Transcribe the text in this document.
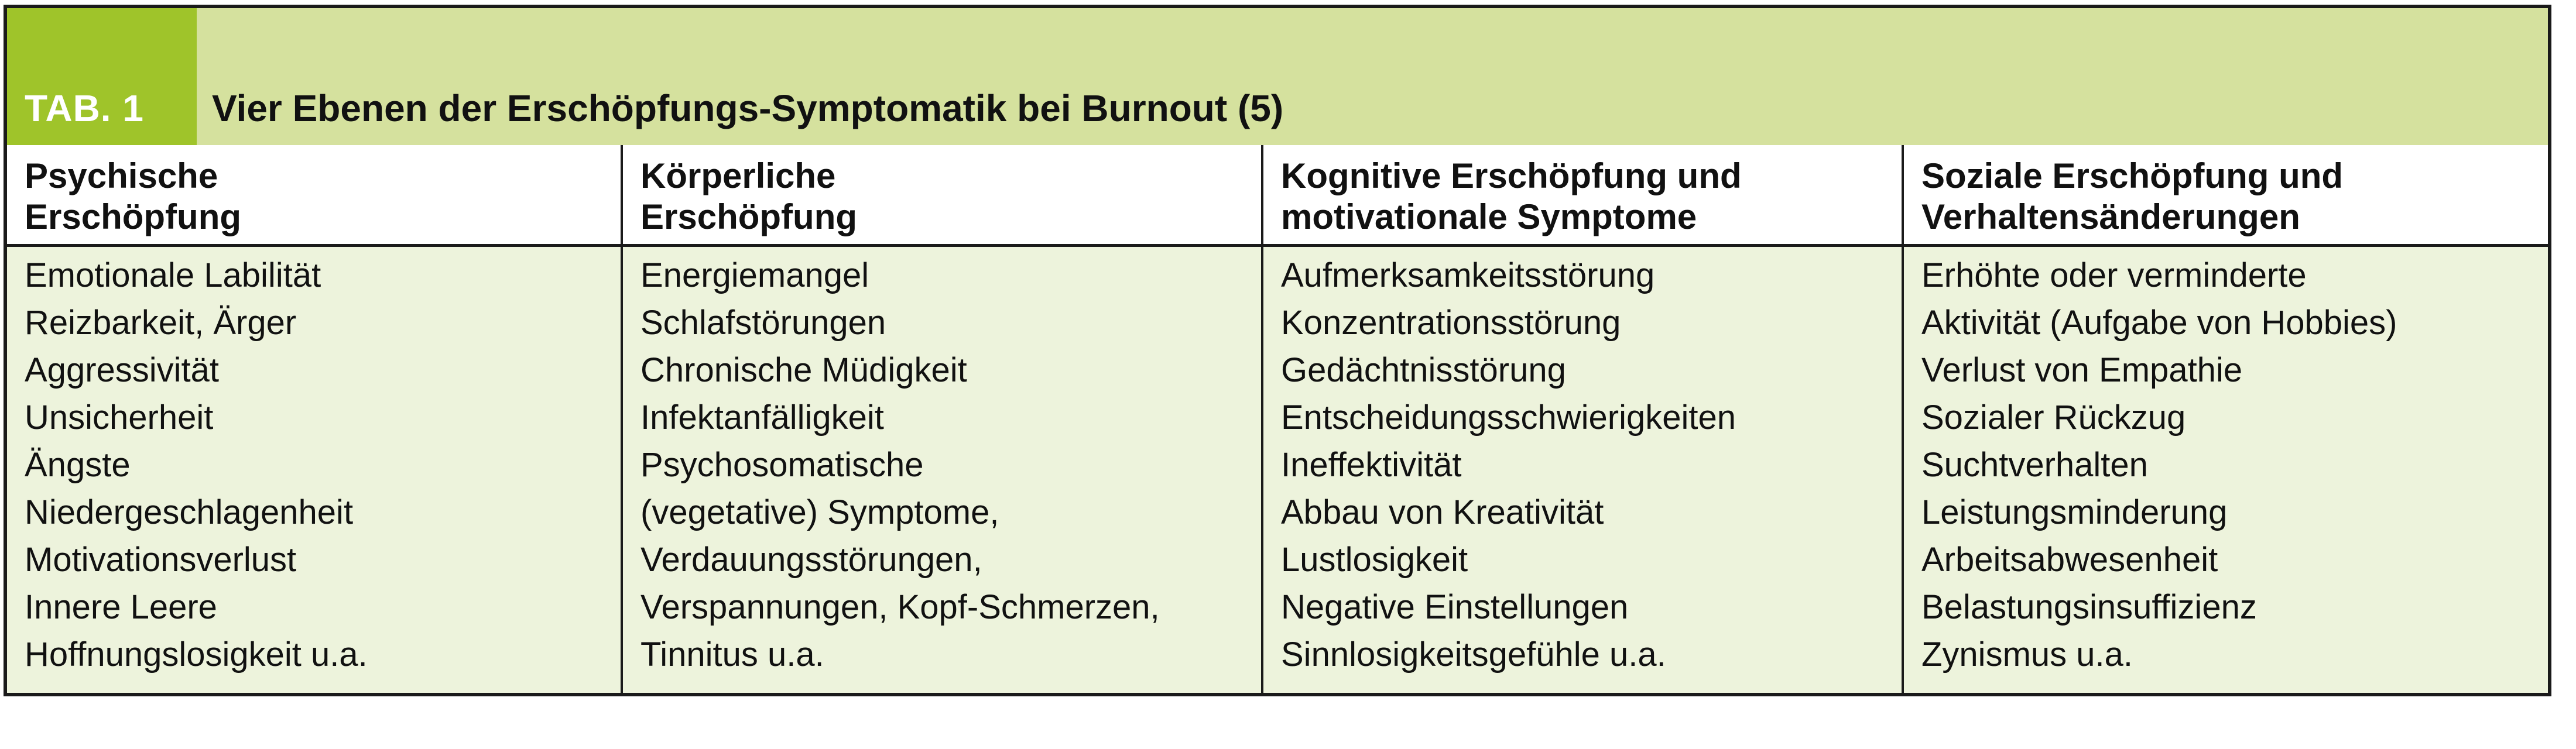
TAB. 1	Vier Ebenen der Erschöpfungs-Symptomatik bei Burnout (5)
Psychische
Erschöpfung
Körperliche
Erschöpfung
Kognitive Erschöpfung und
motivationale Symptome
Soziale Erschöpfung und
Verhaltensänderungen
Emotionale Labilität
Reizbarkeit, Ärger
Aggressivität
Unsicherheit
Ängste
Niedergeschlagenheit
Motivationsverlust
Innere Leere
Hoffnungslosigkeit u.a.
Energiemangel
Schlafstörungen
Chronische Müdigkeit
Infektanfälligkeit
Psychosomatische
(vegetative) Symptome,
Verdauungsstörungen,
Verspannungen, Kopf-Schmerzen,
Tinnitus u.a.
Aufmerksamkeitsstörung
Konzentrationsstörung
Gedächtnisstörung
Entscheidungsschwierigkeiten
Ineffektivität
Abbau von Kreativität
Lustlosigkeit
Negative Einstellungen
Sinnlosigkeitsgefühle u.a.
Erhöhte oder verminderte
Aktivität (Aufgabe von Hobbies)
Verlust von Empathie
Sozialer Rückzug
Suchtverhalten
Leistungsminderung
Arbeitsabwesenheit
Belastungsinsuffizienz
Zynismus u.a.
